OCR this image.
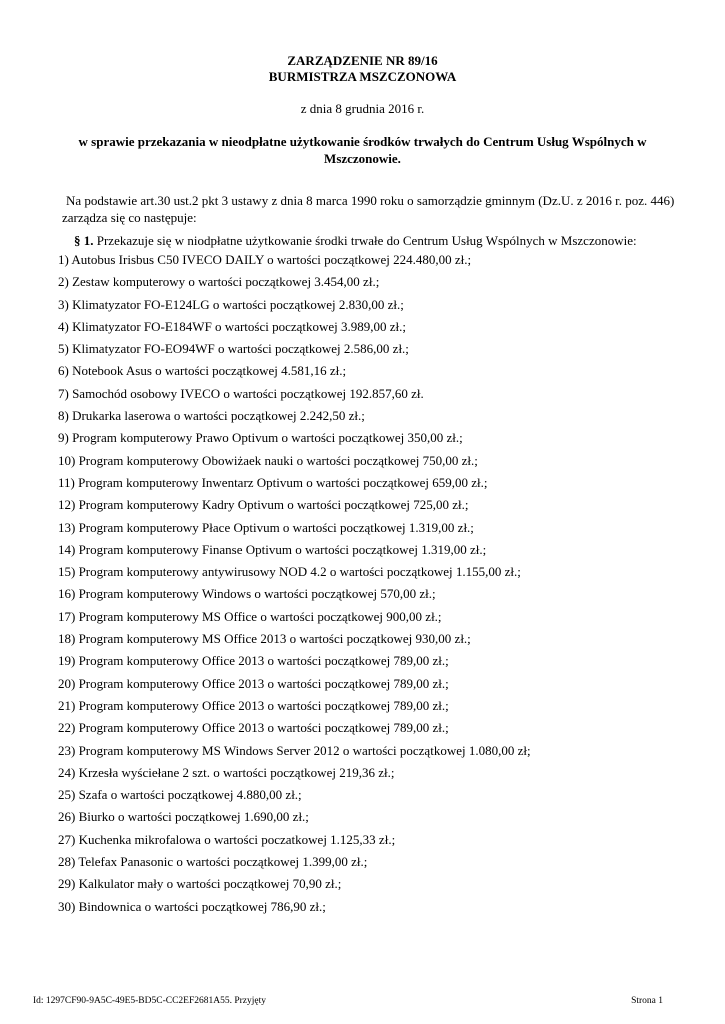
ZARZĄDZENIE NR 89/16
BURMISTRZA MSZCZONOWA
z dnia 8 grudnia 2016 r.
w sprawie przekazania w nieodpłatne użytkowanie środków trwałych do Centrum Usług Wspólnych w Mszczonowie.
Na podstawie art.30 ust.2 pkt 3 ustawy z dnia 8 marca 1990 roku o samorządzie gminnym (Dz.U. z 2016 r. poz. 446) zarządza się co następuje:
§ 1. Przekazuje się w niodpłatne użytkowanie środki trwałe do Centrum Usług Wspólnych w Mszczonowie:
1) Autobus Irisbus C50 IVECO DAILY o wartości początkowej 224.480,00 zł.;
2) Zestaw komputerowy o wartości początkowej 3.454,00 zł.;
3) Klimatyzator FO-E124LG o wartości początkowej 2.830,00 zł.;
4) Klimatyzator FO-E184WF o wartości początkowej 3.989,00 zł.;
5) Klimatyzator FO-EO94WF o wartości początkowej 2.586,00 zł.;
6) Notebook Asus o wartości początkowej 4.581,16 zł.;
7) Samochód osobowy IVECO o wartości początkowej 192.857,60 zł.
8) Drukarka laserowa o wartości początkowej 2.242,50 zł.;
9) Program komputerowy Prawo Optivum o wartości początkowej 350,00 zł.;
10) Program komputerowy Obowiżaek nauki o wartości początkowej 750,00 zł.;
11) Program komputerowy Inwentarz Optivum o wartości początkowej 659,00 zł.;
12) Program komputerowy Kadry Optivum o wartości początkowej 725,00 zł.;
13) Program komputerowy Płace Optivum o wartości początkowej 1.319,00 zł.;
14) Program komputerowy Finanse Optivum o wartości początkowej 1.319,00 zł.;
15) Program komputerowy antywirusowy NOD 4.2 o wartości początkowej 1.155,00 zł.;
16) Program komputerowy Windows o wartości początkowej 570,00 zł.;
17) Program komputerowy MS Office o wartości początkowej 900,00 zł.;
18) Program komputerowy MS Office 2013 o wartości początkowej 930,00 zł.;
19) Program komputerowy Office 2013 o wartości początkowej 789,00 zł.;
20) Program komputerowy Office 2013 o wartości początkowej 789,00 zł.;
21) Program komputerowy Office 2013 o wartości początkowej 789,00 zł.;
22) Program komputerowy Office 2013 o wartości początkowej 789,00 zł.;
23) Program komputerowy MS Windows Server 2012 o wartości początkowej 1.080,00 zł;
24) Krzesła wyściełane 2 szt. o wartości początkowej 219,36 zł.;
25) Szafa o wartości początkowej 4.880,00 zł.;
26) Biurko o wartości początkowej 1.690,00 zł.;
27) Kuchenka mikrofalowa o wartości poczatkowej 1.125,33 zł.;
28) Telefax Panasonic o wartości początkowej 1.399,00 zł.;
29) Kalkulator mały o wartości początkowej 70,90 zł.;
30) Bindownica o wartości początkowej 786,90 zł.;
Id: 1297CF90-9A5C-49E5-BD5C-CC2EF2681A55. Przyjęty	Strona 1
